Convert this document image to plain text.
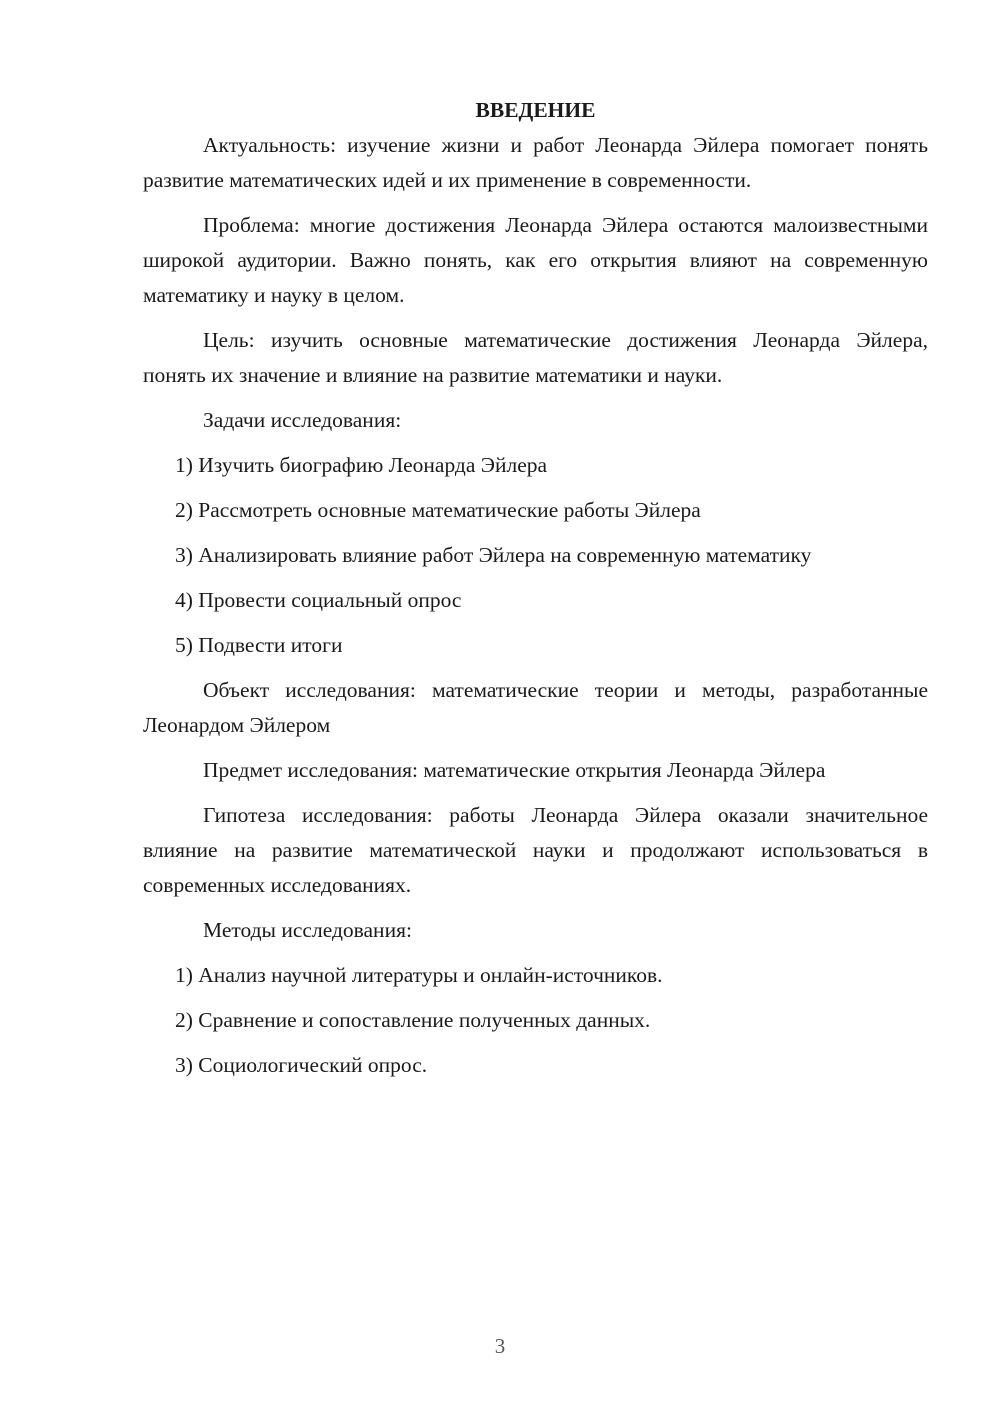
ВВЕДЕНИЕ
Актуальность: изучение жизни и работ Леонарда Эйлера помогает понять развитие математических идей и их применение в современности.
Проблема: многие достижения Леонарда Эйлера остаются малоизвестными широкой аудитории. Важно понять, как его открытия влияют на современную математику и науку в целом.
Цель: изучить основные математические достижения Леонарда Эйлера, понять их значение и влияние на развитие математики и науки.
Задачи исследования:
1) Изучить биографию Леонарда Эйлера
2) Рассмотреть основные математические работы Эйлера
3) Анализировать влияние работ Эйлера на современную математику
4) Провести социальный опрос
5) Подвести итоги
Объект исследования: математические теории и методы, разработанные Леонардом Эйлером
Предмет исследования: математические открытия Леонарда Эйлера
Гипотеза исследования: работы Леонарда Эйлера оказали значительное влияние на развитие математической науки и продолжают использоваться в современных исследованиях.
Методы исследования:
1) Анализ научной литературы и онлайн-источников.
2) Сравнение и сопоставление полученных данных.
3) Социологический опрос.
3
